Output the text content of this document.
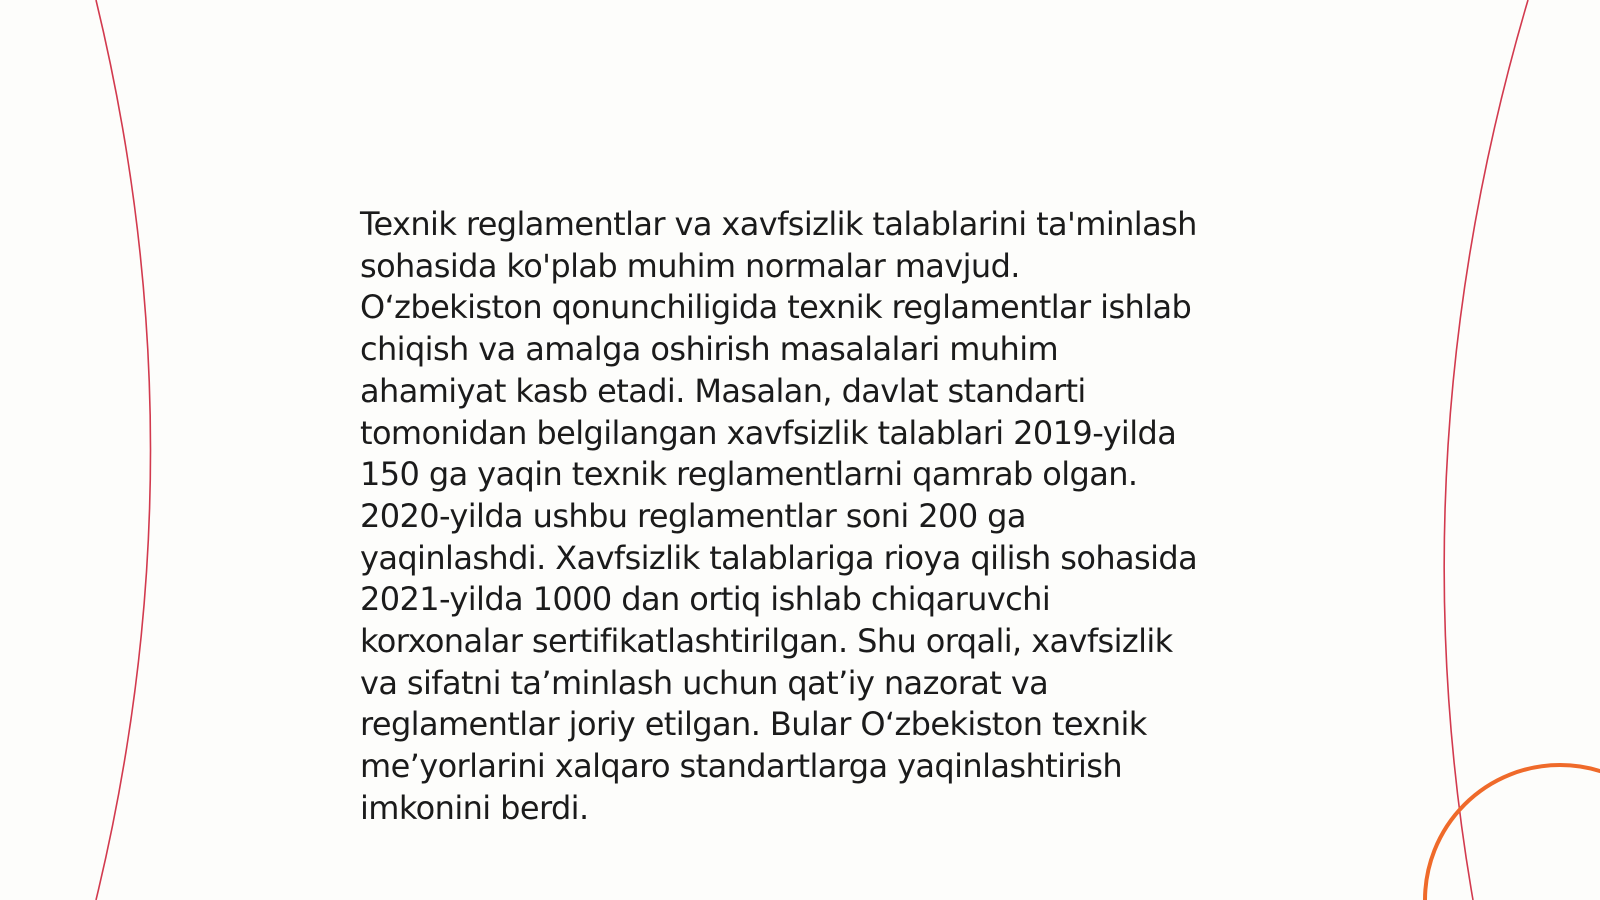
Texnik reglamentlar va xavfsizlik talablarini ta'minlash
sohasida ko'plab muhim normalar mavjud.
O‘zbekiston qonunchiligida texnik reglamentlar ishlab
chiqish va amalga oshirish masalalari muhim
ahamiyat kasb etadi. Masalan, davlat standarti
tomonidan belgilangan xavfsizlik talablari 2019-yilda
150 ga yaqin texnik reglamentlarni qamrab olgan.
2020-yilda ushbu reglamentlar soni 200 ga
yaqinlashdi. Xavfsizlik talablariga rioya qilish sohasida
2021-yilda 1000 dan ortiq ishlab chiqaruvchi
korxonalar sertifikatlashtirilgan. Shu orqali, xavfsizlik
va sifatni ta’minlash uchun qat’iy nazorat va
reglamentlar joriy etilgan. Bular O‘zbekiston texnik
me’yorlarini xalqaro standartlarga yaqinlashtirish
imkonini berdi.
